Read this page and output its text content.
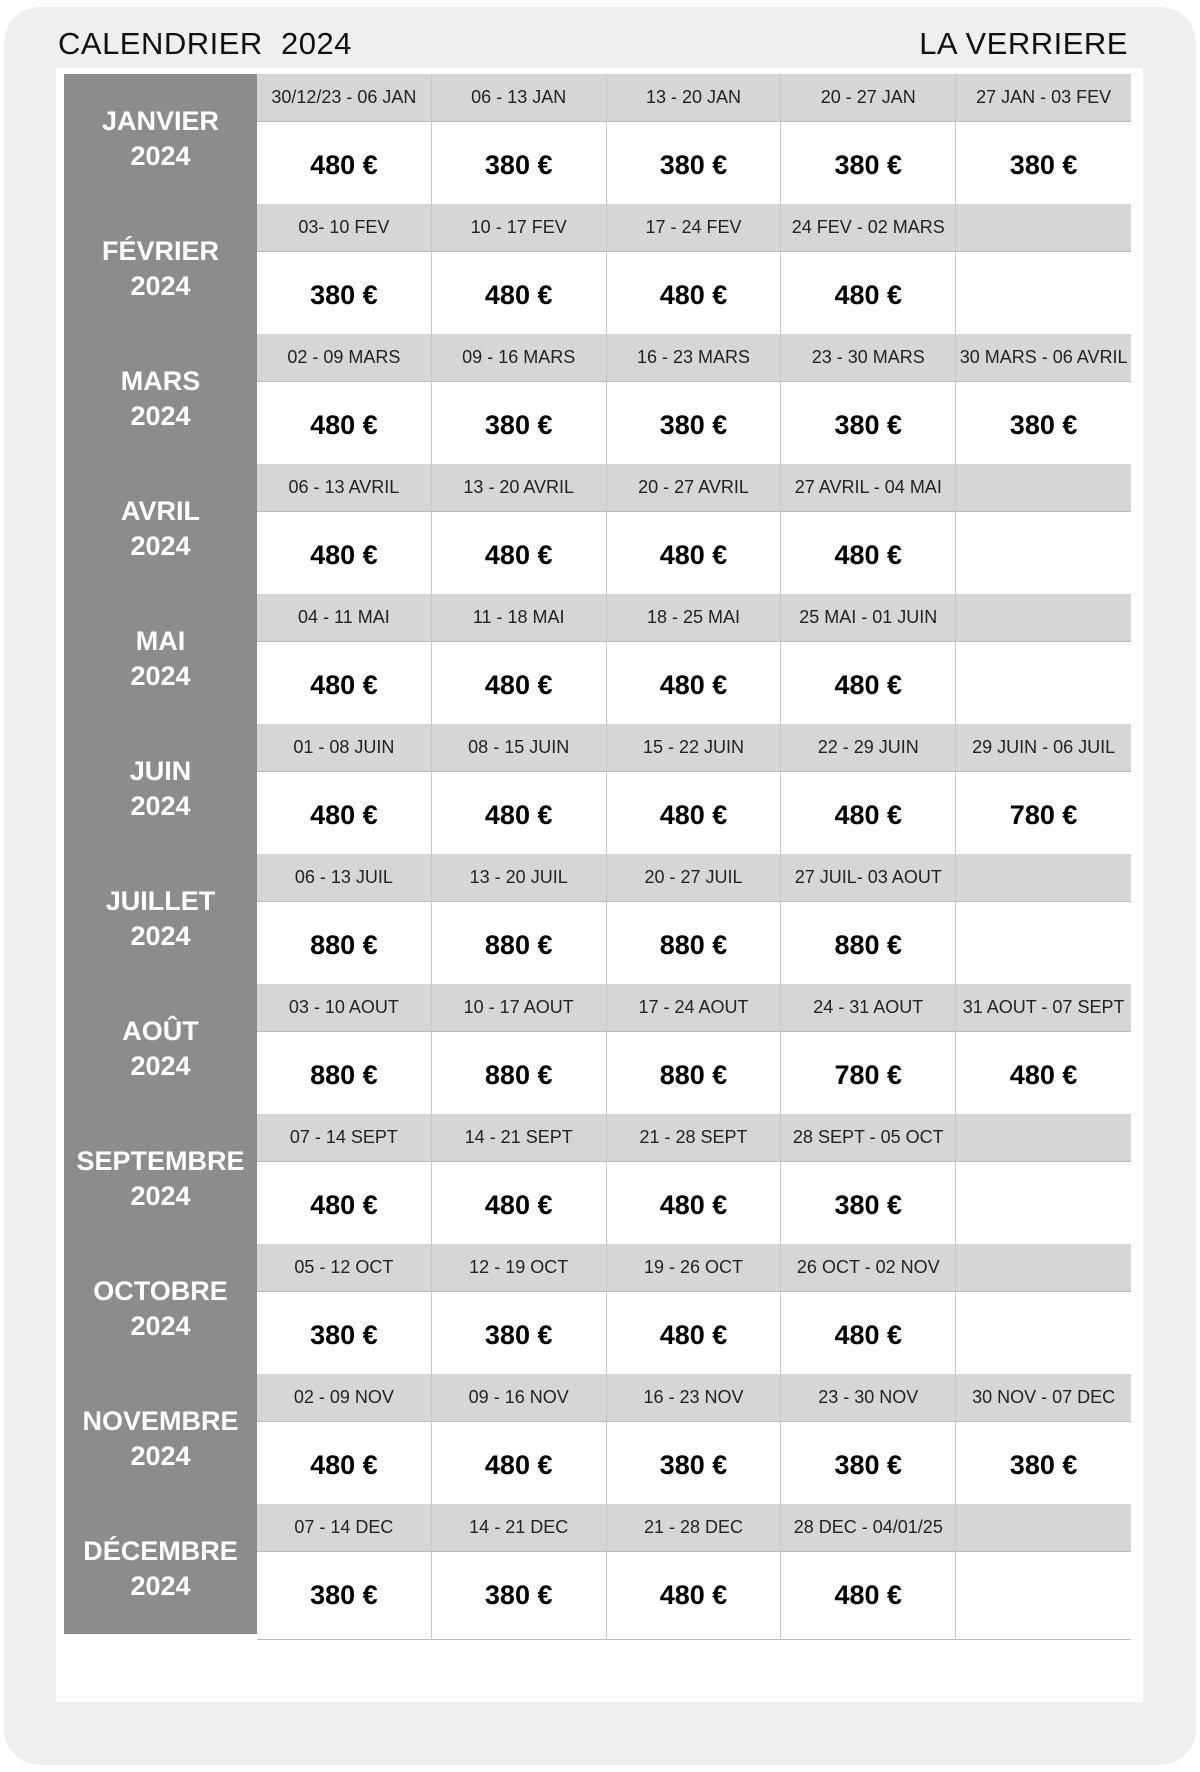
CALENDRIER  2024	LA VERRIERE
JANVIER
2024
30/12/23 - 06 JAN
480 €
06 - 13 JAN
380 €
13 - 20 JAN
380 €
20 - 27 JAN
380 €
27 JAN - 03 FEV
380 €
FÉVRIER
2024
03- 10 FEV
380 €
10 - 17 FEV
480 €
17 - 24 FEV
480 €
24 FEV - 02 MARS
480 €
MARS
2024
02 - 09 MARS
480 €
09 - 16 MARS
380 €
16 - 23 MARS
380 €
23 - 30 MARS
380 €
30 MARS - 06 AVRIL
380 €
AVRIL
2024
06 - 13 AVRIL
480 €
13 - 20 AVRIL
480 €
20 - 27 AVRIL
480 €
27 AVRIL - 04 MAI
480 €
MAI
2024
04 - 11 MAI
480 €
11 - 18 MAI
480 €
18 - 25 MAI
480 €
25 MAI - 01 JUIN
480 €
JUIN
2024
01 - 08 JUIN
480 €
08 - 15 JUIN
480 €
15 - 22 JUIN
480 €
22 - 29 JUIN
480 €
29 JUIN - 06 JUIL
780 €
JUILLET
2024
06 - 13 JUIL
880 €
13 - 20 JUIL
880 €
20 - 27 JUIL
880 €
27 JUIL- 03 AOUT
880 €
AOÛT
2024
03 - 10 AOUT
880 €
10 - 17 AOUT
880 €
17 - 24 AOUT
880 €
24 - 31 AOUT
780 €
31 AOUT - 07 SEPT
480 €
SEPTEMBRE
2024
07 - 14 SEPT
480 €
14 - 21 SEPT
480 €
21 - 28 SEPT
480 €
28 SEPT - 05 OCT
380 €
OCTOBRE
2024
05 - 12 OCT
380 €
12 - 19 OCT
380 €
19 - 26 OCT
480 €
26 OCT - 02 NOV
480 €
NOVEMBRE
2024
02 - 09 NOV
480 €
09 - 16 NOV
480 €
16 - 23 NOV
380 €
23 - 30 NOV
380 €
30 NOV - 07 DEC
380 €
DÉCEMBRE
2024
07 - 14 DEC
380 €
14 - 21 DEC
380 €
21 - 28 DEC
480 €
28 DEC - 04/01/25
480 €
